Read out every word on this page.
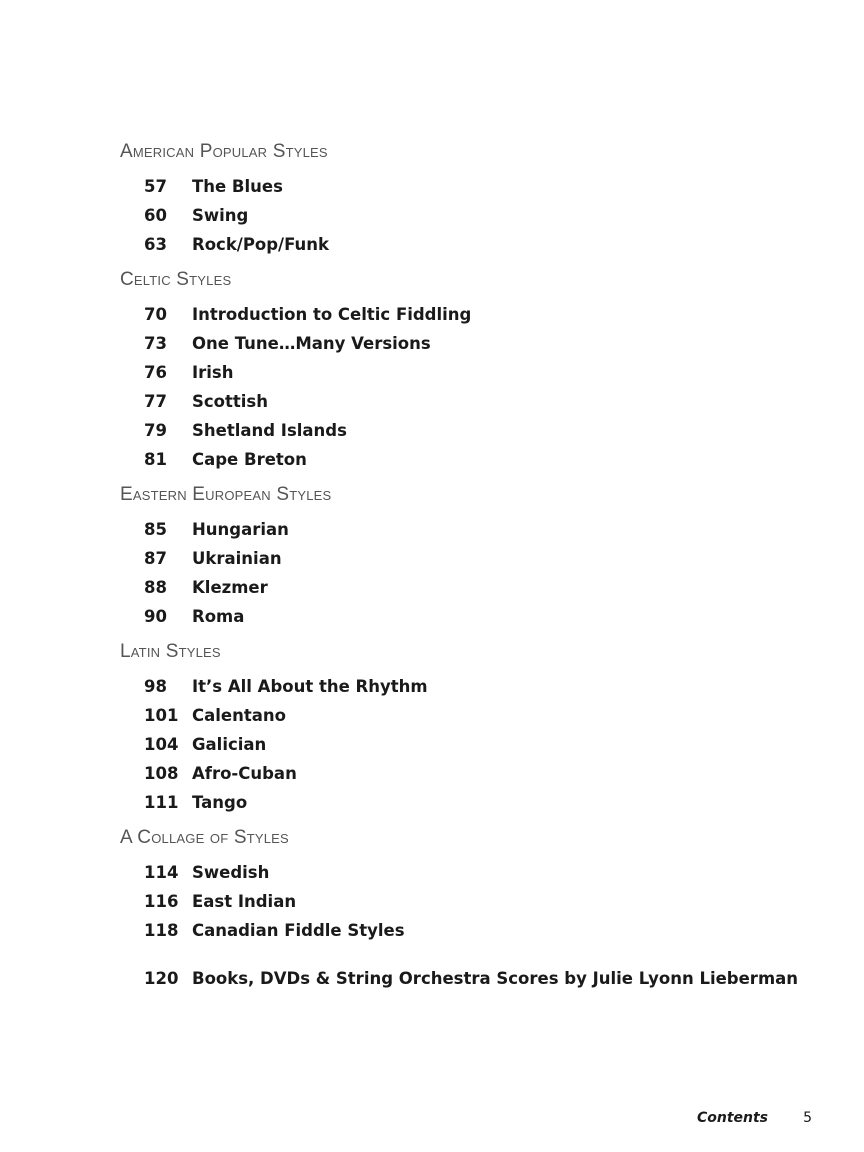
American Popular Styles
57	The Blues
60	Swing
63	Rock/Pop/Funk
Celtic Styles
70	Introduction to Celtic Fiddling
73	One Tune…Many Versions
76	Irish
77	Scottish
79	Shetland Islands
81	Cape Breton
Eastern European Styles
85	Hungarian
87	Ukrainian
88	Klezmer
90	Roma
Latin Styles
98	It’s All About the Rhythm
101 Calentano
104 Galician
108 Afro-Cuban
111 Tango
A Collage of Styles
114 Swedish
116 East Indian
118 Canadian Fiddle Styles
120 Books, DVDs & String Orchestra Scores by Julie Lyonn Lieberman
Contents	5
